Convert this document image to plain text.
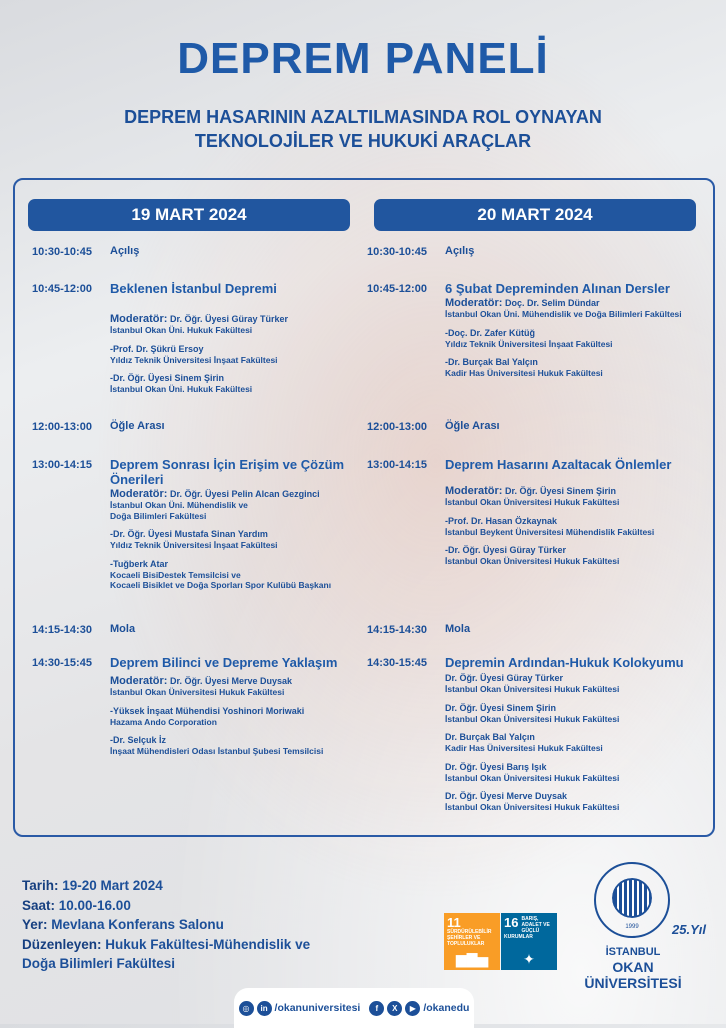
DEPREM PANELİ
DEPREM HASARININ AZALTILMASINDA ROL OYNAYAN
TEKNOLOJİLER VE HUKUKİ ARAÇLAR
19 MART 2024	20 MART 2024
10:30-10:45	Açılış
10:45-12:00	Beklenen İstanbul Depremi
Moderatör: Dr. Öğr. Üyesi Güray Türker
İstanbul Okan Üni. Hukuk Fakültesi
-Prof. Dr. Şükrü Ersoy
Yıldız Teknik Üniversitesi İnşaat Fakültesi
-Dr. Öğr. Üyesi Sinem Şirin
İstanbul Okan Üni. Hukuk Fakültesi
12:00-13:00	Öğle Arası
13:00-14:15	Deprem Sonrası İçin Erişim ve Çözüm Önerileri
Moderatör: Dr. Öğr. Üyesi Pelin Alcan Gezginci
İstanbul Okan Üni. Mühendislik ve
Doğa Bilimleri Fakültesi
-Dr. Öğr. Üyesi Mustafa Sinan Yardım
Yıldız Teknik Üniversitesi İnşaat Fakültesi
-Tuğberk Atar
Kocaeli BisiDestek Temsilcisi ve
Kocaeli Bisiklet ve Doğa Sporları Spor Kulübü Başkanı
14:15-14:30	Mola
14:30-15:45	Deprem Bilinci ve Depreme Yaklaşım
Moderatör: Dr. Öğr. Üyesi Merve Duysak
İstanbul Okan Üniversitesi Hukuk Fakültesi
-Yüksek İnşaat Mühendisi Yoshinori Moriwaki
Hazama Ando Corporation
-Dr. Selçuk İz
İnşaat Mühendisleri Odası İstanbul Şubesi Temsilcisi
10:30-10:45	Açılış
10:45-12:00	6 Şubat Depreminden Alınan Dersler
Moderatör: Doç. Dr. Selim Dündar
İstanbul Okan Üni. Mühendislik ve Doğa Bilimleri Fakültesi
-Doç. Dr. Zafer Kütüğ
Yıldız Teknik Üniversitesi İnşaat Fakültesi
-Dr. Burçak Bal Yalçın
Kadir Has Üniversitesi Hukuk Fakültesi
12:00-13:00	Öğle Arası
13:00-14:15	Deprem Hasarını Azaltacak Önlemler
Moderatör: Dr. Öğr. Üyesi Sinem Şirin
İstanbul Okan Üniversitesi Hukuk Fakültesi
-Prof. Dr. Hasan Özkaynak
İstanbul Beykent Üniversitesi Mühendislik Fakültesi
-Dr. Öğr. Üyesi Güray Türker
İstanbul Okan Üniversitesi Hukuk Fakültesi
14:15-14:30	Mola
14:30-15:45	Depremin Ardından-Hukuk Kolokyumu
Dr. Öğr. Üyesi Güray Türker
İstanbul Okan Üniversitesi Hukuk Fakültesi
Dr. Öğr. Üyesi Sinem Şirin
İstanbul Okan Üniversitesi Hukuk Fakültesi
Dr. Burçak Bal Yalçın
Kadir Has Üniversitesi Hukuk Fakültesi
Dr. Öğr. Üyesi Barış Işık
İstanbul Okan Üniversitesi Hukuk Fakültesi
Dr. Öğr. Üyesi Merve Duysak
İstanbul Okan Üniversitesi Hukuk Fakültesi
Tarih: 19-20 Mart 2024
Saat: 10.00-16.00
Yer: Mevlana Konferans Salonu
Düzenleyen: Hukuk Fakültesi-Mühendislik ve
Doğa Bilimleri Fakültesi
11
SÜRDÜRÜLEBİLİR ŞEHİRLER VE TOPLULUKLAR
▆▇▅
16 BARIŞ, ADALET VE GÜÇLÜ KURUMLAR
✦
1999
İSTANBUL
OKAN ÜNİVERSİTESİ
25.Yıl
◎	in /okanuniversitesi	f	X	▶ /okanedu
